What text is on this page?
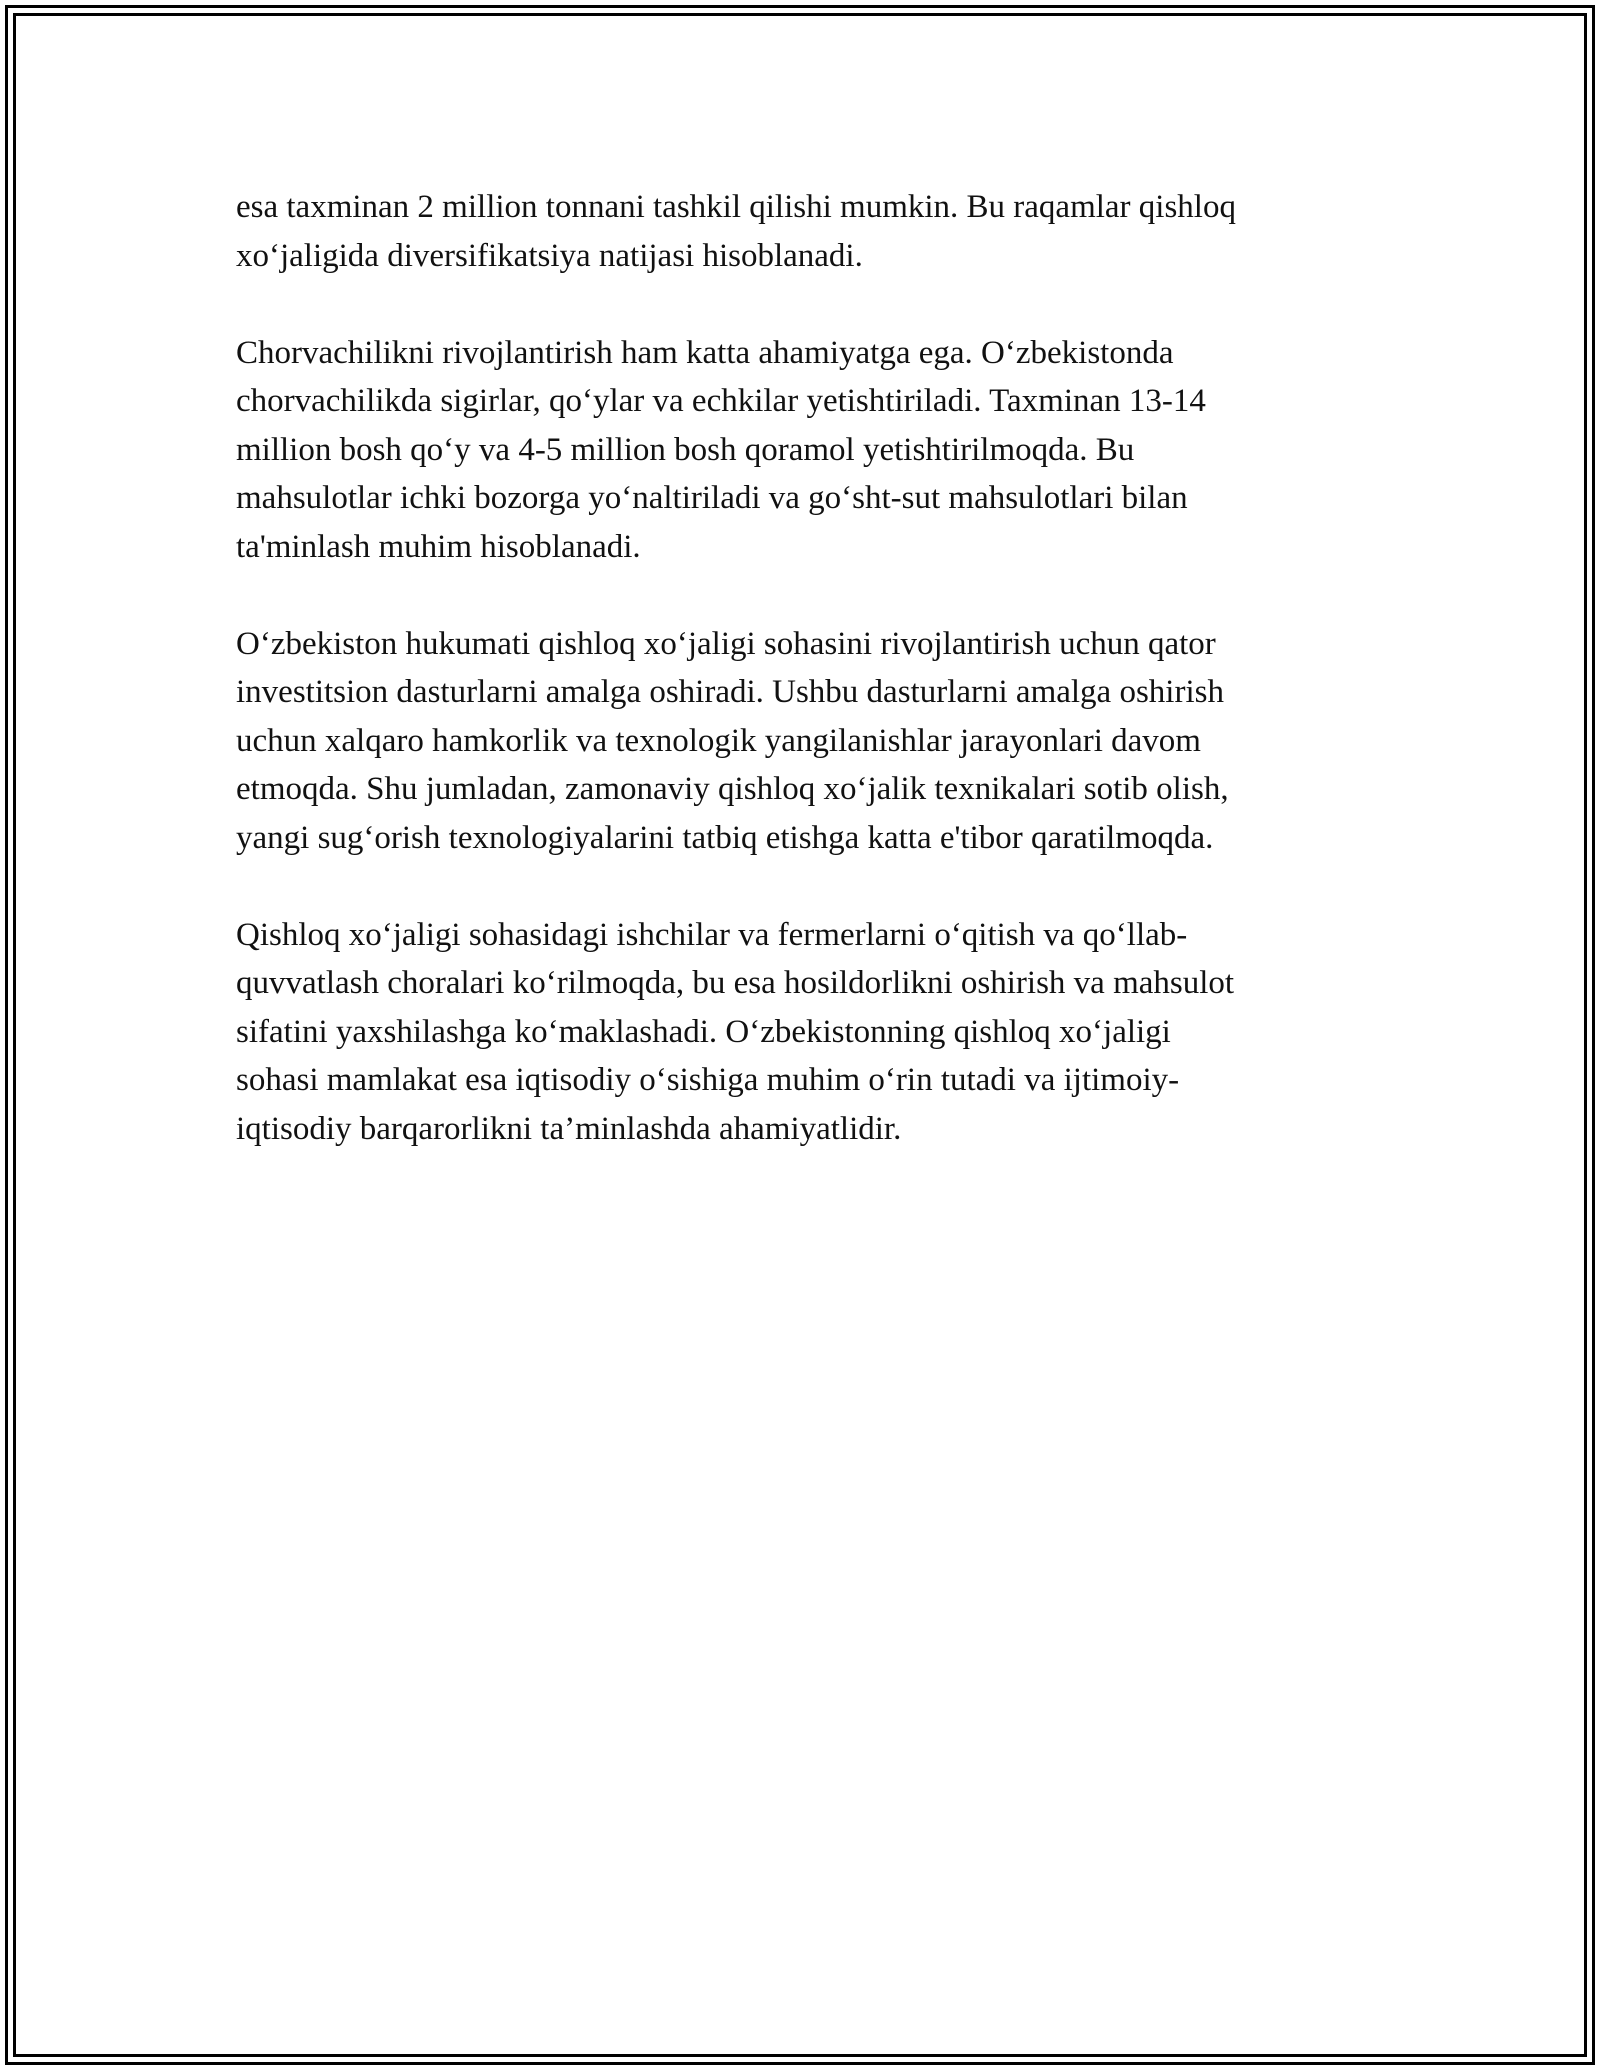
esa taxminan 2 million tonnani tashkil qilishi mumkin. Bu raqamlar qishloq
xo‘jaligida diversifikatsiya natijasi hisoblanadi.

Chorvachilikni rivojlantirish ham katta ahamiyatga ega. O‘zbekistonda
chorvachilikda sigirlar, qo‘ylar va echkilar yetishtiriladi. Taxminan 13-14
million bosh qo‘y va 4-5 million bosh qoramol yetishtirilmoqda. Bu
mahsulotlar ichki bozorga yo‘naltiriladi va go‘sht-sut mahsulotlari bilan
ta'minlash muhim hisoblanadi.

O‘zbekiston hukumati qishloq xo‘jaligi sohasini rivojlantirish uchun qator
investitsion dasturlarni amalga oshiradi. Ushbu dasturlarni amalga oshirish
uchun xalqaro hamkorlik va texnologik yangilanishlar jarayonlari davom
etmoqda. Shu jumladan, zamonaviy qishloq xo‘jalik texnikalari sotib olish,
yangi sug‘orish texnologiyalarini tatbiq etishga katta e'tibor qaratilmoqda.

Qishloq xo‘jaligi sohasidagi ishchilar va fermerlarni o‘qitish va qo‘llab-
quvvatlash choralari ko‘rilmoqda, bu esa hosildorlikni oshirish va mahsulot
sifatini yaxshilashga ko‘maklashadi. O‘zbekistonning qishloq xo‘jaligi
sohasi mamlakat esa iqtisodiy o‘sishiga muhim o‘rin tutadi va ijtimoiy-
iqtisodiy barqarorlikni ta’minlashda ahamiyatlidir.
